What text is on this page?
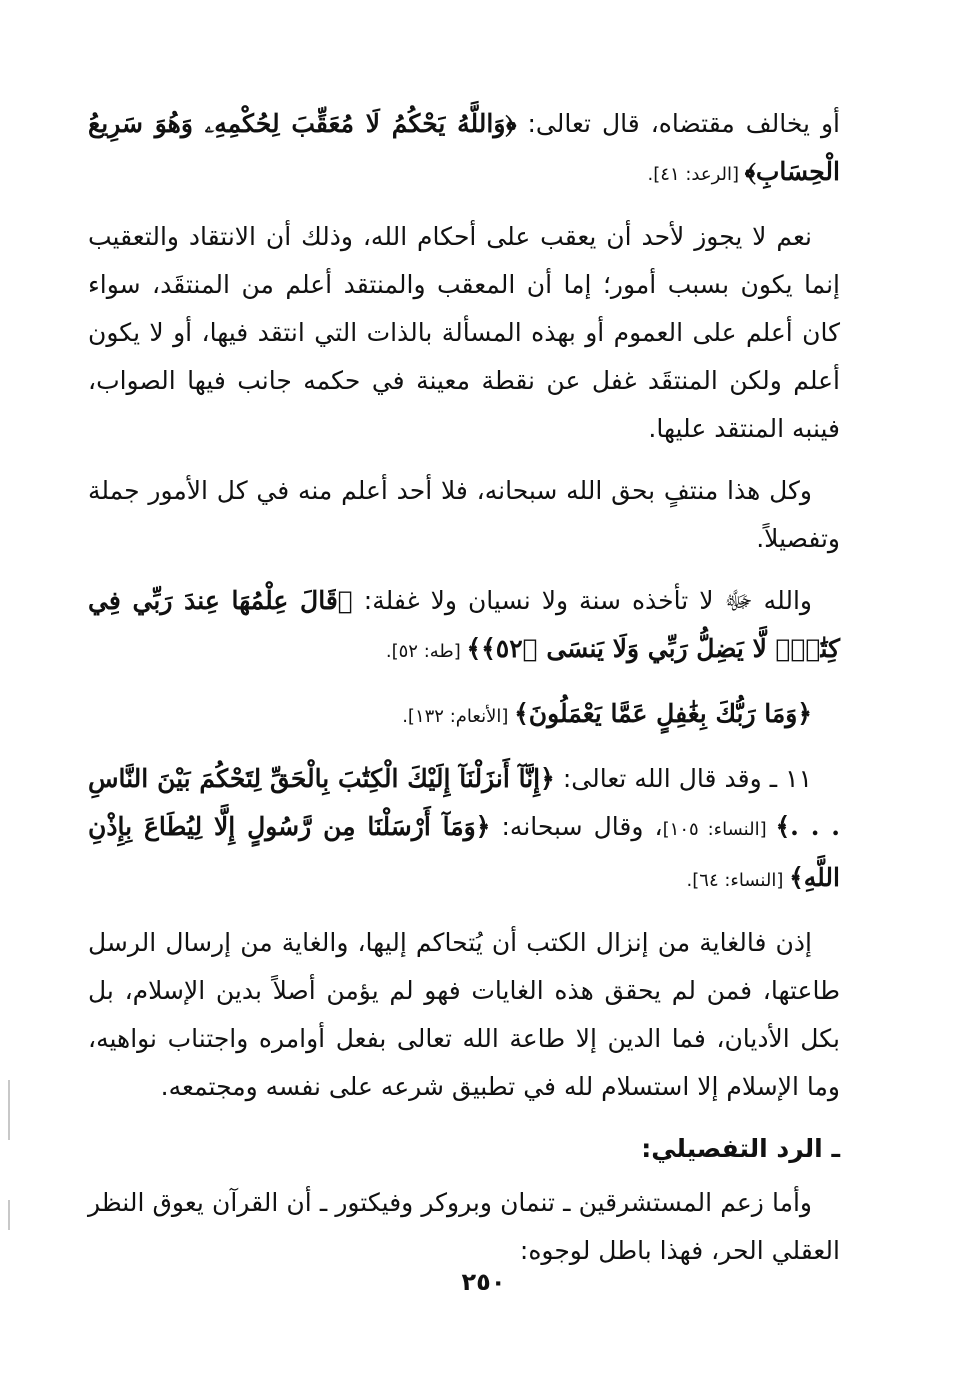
أو يخالف مقتضاه، قال تعالى: ﴿وَاللَّهُ يَحْكُمُ لَا مُعَقِّبَ لِحُكْمِهِۦ وَهُوَ سَرِيعُ الْحِسَابِ﴾ [الرعد: ٤١].

نعم لا يجوز لأحد أن يعقب على أحكام الله، وذلك أن الانتقاد والتعقيب إنما يكون بسبب أمور؛ إما أن المعقب والمنتقد أعلم من المنتقَد، سواء كان أعلم على العموم أو بهذه المسألة بالذات التي انتقد فيها، أو لا يكون أعلم ولكن المنتقَد غفل عن نقطة معينة في حكمه جانب فيها الصواب، فينبه المنتقد عليها.

وكل هذا منتفٍ بحق الله سبحانه، فلا أحد أعلم منه في كل الأمور جملة وتفصيلاً.

والله ﷻ لا تأخذه سنة ولا نسيان ولا غفلة: ﴿قَالَ عِلْمُهَا عِندَ رَبِّي فِي كِتَٰبٍۖ لَّا يَضِلُّ رَبِّي وَلَا يَنسَى ﴿٥٢﴾﴾ [طه: ٥٢].

﴿وَمَا رَبُّكَ بِغَٰفِلٍ عَمَّا يَعْمَلُونَ﴾ [الأنعام: ١٣٢].

١١ ـ وقد قال الله تعالى: ﴿إِنَّآ أَنزَلْنَآ إِلَيْكَ الْكِتَٰبَ بِالْحَقِّ لِتَحْكُمَ بَيْنَ النَّاسِ . . .﴾ [النساء: ١٠٥]، وقال سبحانه: ﴿وَمَآ أَرْسَلْنَا مِن رَّسُولٍ إِلَّا لِيُطَاعَ بِإِذْنِ اللَّهِ﴾ [النساء: ٦٤].

إذن فالغاية من إنزال الكتب أن يُتحاكم إليها، والغاية من إرسال الرسل طاعتها، فمن لم يحقق هذه الغايات فهو لم يؤمن أصلاً بدين الإسلام، بل بكل الأديان، فما الدين إلا طاعة الله تعالى بفعل أوامره واجتناب نواهيه، وما الإسلام إلا استسلام لله في تطبيق شرعه على نفسه ومجتمعه.

ـ الرد التفصيلي:

وأما زعم المستشرقين ـ تنمان وبروكر وفيكتور ـ أن القرآن يعوق النظر العقلي الحر، فهذا باطل لوجوه:

٢٥٠
